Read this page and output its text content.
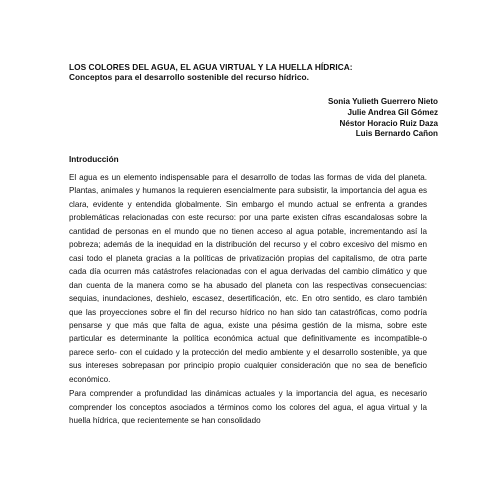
LOS COLORES DEL AGUA, EL AGUA VIRTUAL Y LA HUELLA HÍDRICA:
Conceptos para el desarrollo sostenible del recurso hídrico.
Sonia Yulieth Guerrero Nieto
Julie Andrea Gil Gómez
Néstor Horacio Ruiz Daza
Luis Bernardo Cañon
Introducción

El agua es un elemento indispensable para el desarrollo de todas las formas de vida del planeta. Plantas, animales y humanos la requieren esencialmente para subsistir, la importancia del agua es clara, evidente y entendida globalmente. Sin embargo el mundo actual se enfrenta a grandes problemáticas relacionadas con este recurso: por una parte existen cifras escandalosas sobre la cantidad de personas en el mundo que no tienen acceso al agua potable, incrementando así la pobreza; además de la inequidad en la distribución del recurso y el cobro excesivo del mismo en casi todo el planeta gracias a la políticas de privatización propias del capitalismo, de otra parte cada día ocurren más catástrofes relacionadas con el agua derivadas del cambio climático y que dan cuenta de la manera como se ha abusado del planeta con las respectivas consecuencias: sequias, inundaciones, deshielo, escasez, desertificación, etc. En otro sentido, es claro también que las proyecciones sobre el fin del recurso hídrico no han sido tan catastróficas, como podría pensarse y que más que falta de agua, existe una pésima gestión de la misma, sobre este particular es determinante la política económica actual que definitivamente es incompatible-o parece serlo- con el cuidado y la protección del medio ambiente y el desarrollo sostenible, ya que sus intereses sobrepasan por principio propio cualquier consideración que no sea de beneficio económico.

Para comprender a profundidad las dinámicas actuales y la importancia del agua, es necesario comprender los conceptos asociados a términos como los colores del agua, el agua virtual y la huella hídrica, que recientemente se han consolidado
